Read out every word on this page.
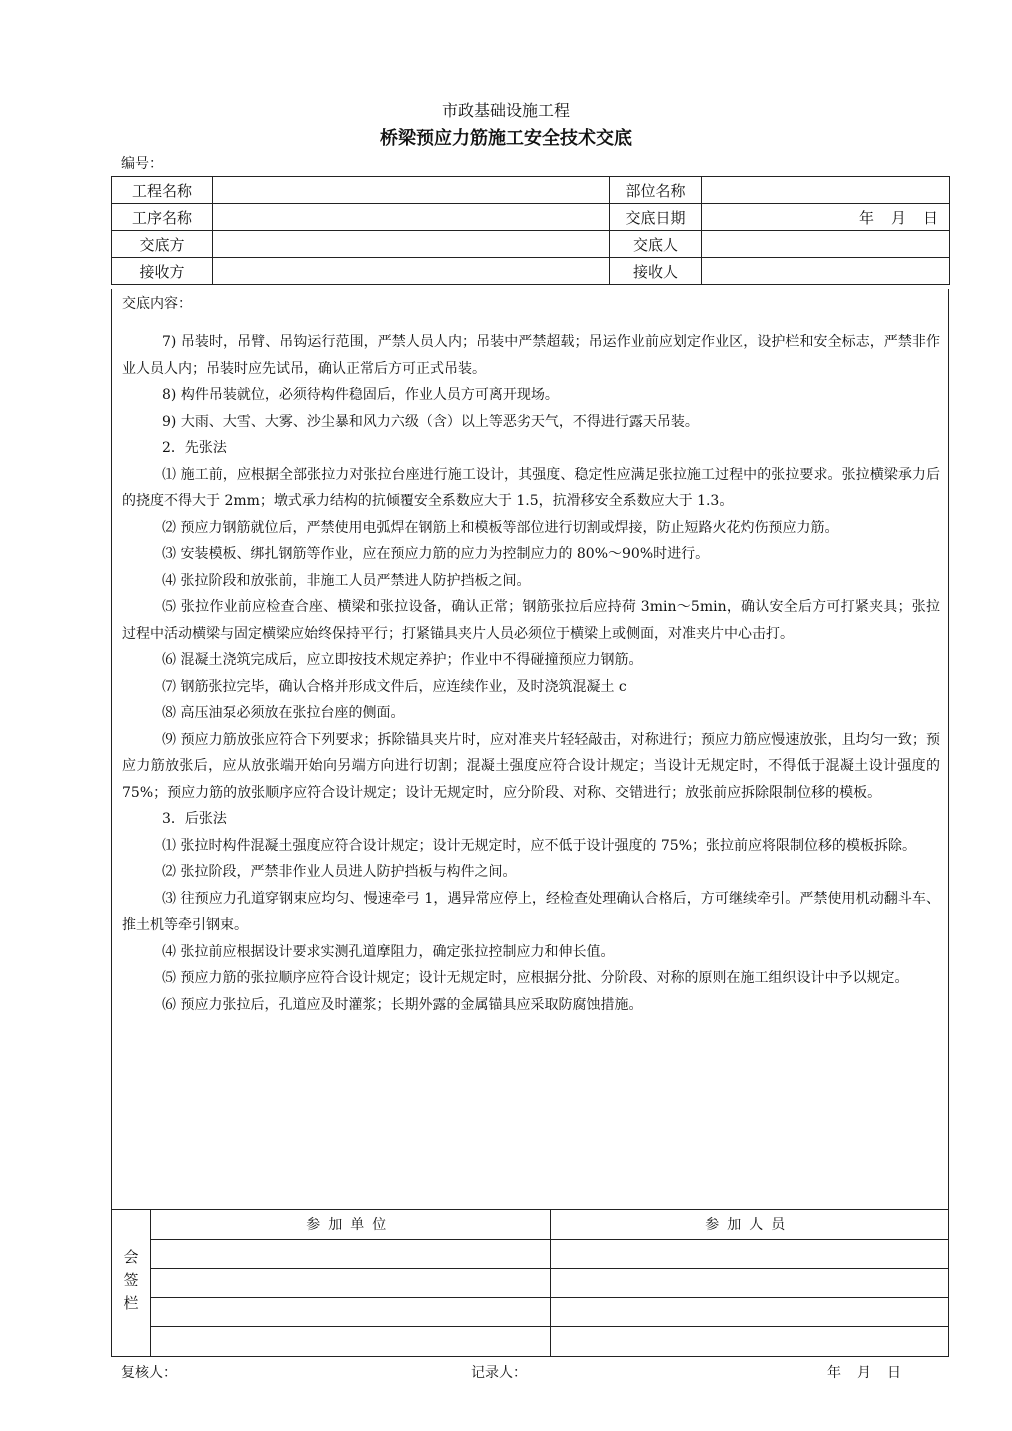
市政基础设施工程
桥梁预应力筋施工安全技术交底
编号：
工程名称		部位名称	
工序名称		交底日期	年　月　日
交底方		交底人	
接收方		接收人	
交底内容：

7) 吊装时，吊臂、吊钩运行范围，严禁人员人内；吊装中严禁超载；吊运作业前应划定作业区，设护栏和安全标志，严禁非作业人员人内；吊装时应先试吊，确认正常后方可正式吊装。

8) 构件吊装就位，必须待构件稳固后，作业人员方可离开现场。

9) 大雨、大雪、大雾、沙尘暴和风力六级（含）以上等恶劣天气，不得进行露天吊装。

2．先张法

⑴ 施工前，应根据全部张拉力对张拉台座进行施工设计，其强度、稳定性应满足张拉施工过程中的张拉要求。张拉横梁承力后的挠度不得大于 2mm；墩式承力结构的抗倾覆安全系数应大于 1.5，抗滑移安全系数应大于 1.3。

⑵ 预应力钢筋就位后，严禁使用电弧焊在钢筋上和模板等部位进行切割或焊接，防止短路火花灼伤预应力筋。

⑶ 安装模板、绑扎钢筋等作业，应在预应力筋的应力为控制应力的 80%～90%时进行。

⑷ 张拉阶段和放张前，非施工人员严禁进人防护挡板之间。

⑸ 张拉作业前应检查合座、横梁和张拉设备，确认正常；钢筋张拉后应持荷 3min～5min，确认安全后方可打紧夹具；张拉过程中活动横梁与固定横梁应始终保持平行；打紧锚具夹片人员必须位于横梁上或侧面，对准夹片中心击打。

⑹ 混凝土浇筑完成后，应立即按技术规定养护；作业中不得碰撞预应力钢筋。

⑺ 钢筋张拉完毕，确认合格并形成文件后，应连续作业，及时浇筑混凝土 c

⑻ 高压油泵必须放在张拉台座的侧面。

⑼ 预应力筋放张应符合下列要求；拆除锚具夹片时，应对准夹片轻轻敲击，对称进行；预应力筋应慢速放张，且均匀一致；预应力筋放张后，应从放张端开始向另端方向进行切割；混凝土强度应符合设计规定；当设计无规定时，不得低于混凝土设计强度的 75%；预应力筋的放张顺序应符合设计规定；设计无规定时，应分阶段、对称、交错进行；放张前应拆除限制位移的模板。

3．后张法

⑴ 张拉时构件混凝土强度应符合设计规定；设计无规定时，应不低于设计强度的 75%；张拉前应将限制位移的模板拆除。

⑵ 张拉阶段，严禁非作业人员进人防护挡板与构件之间。

⑶ 往预应力孔道穿钢束应均匀、慢速牵弓 1，遇异常应停上，经检查处理确认合格后，方可继续牵引。严禁使用机动翻斗车、推土机等牵引钢束。

⑷ 张拉前应根据设计要求实测孔道摩阻力，确定张拉控制应力和伸长值。

⑸ 预应力筋的张拉顺序应符合设计规定；设计无规定时，应根据分批、分阶段、对称的原则在施工组织设计中予以规定。

⑹ 预应力张拉后，孔道应及时灌浆；长期外露的金属锚具应采取防腐蚀措施。

会签栏
参加单位	参加人员

复核人：	记录人：	年　月　日
